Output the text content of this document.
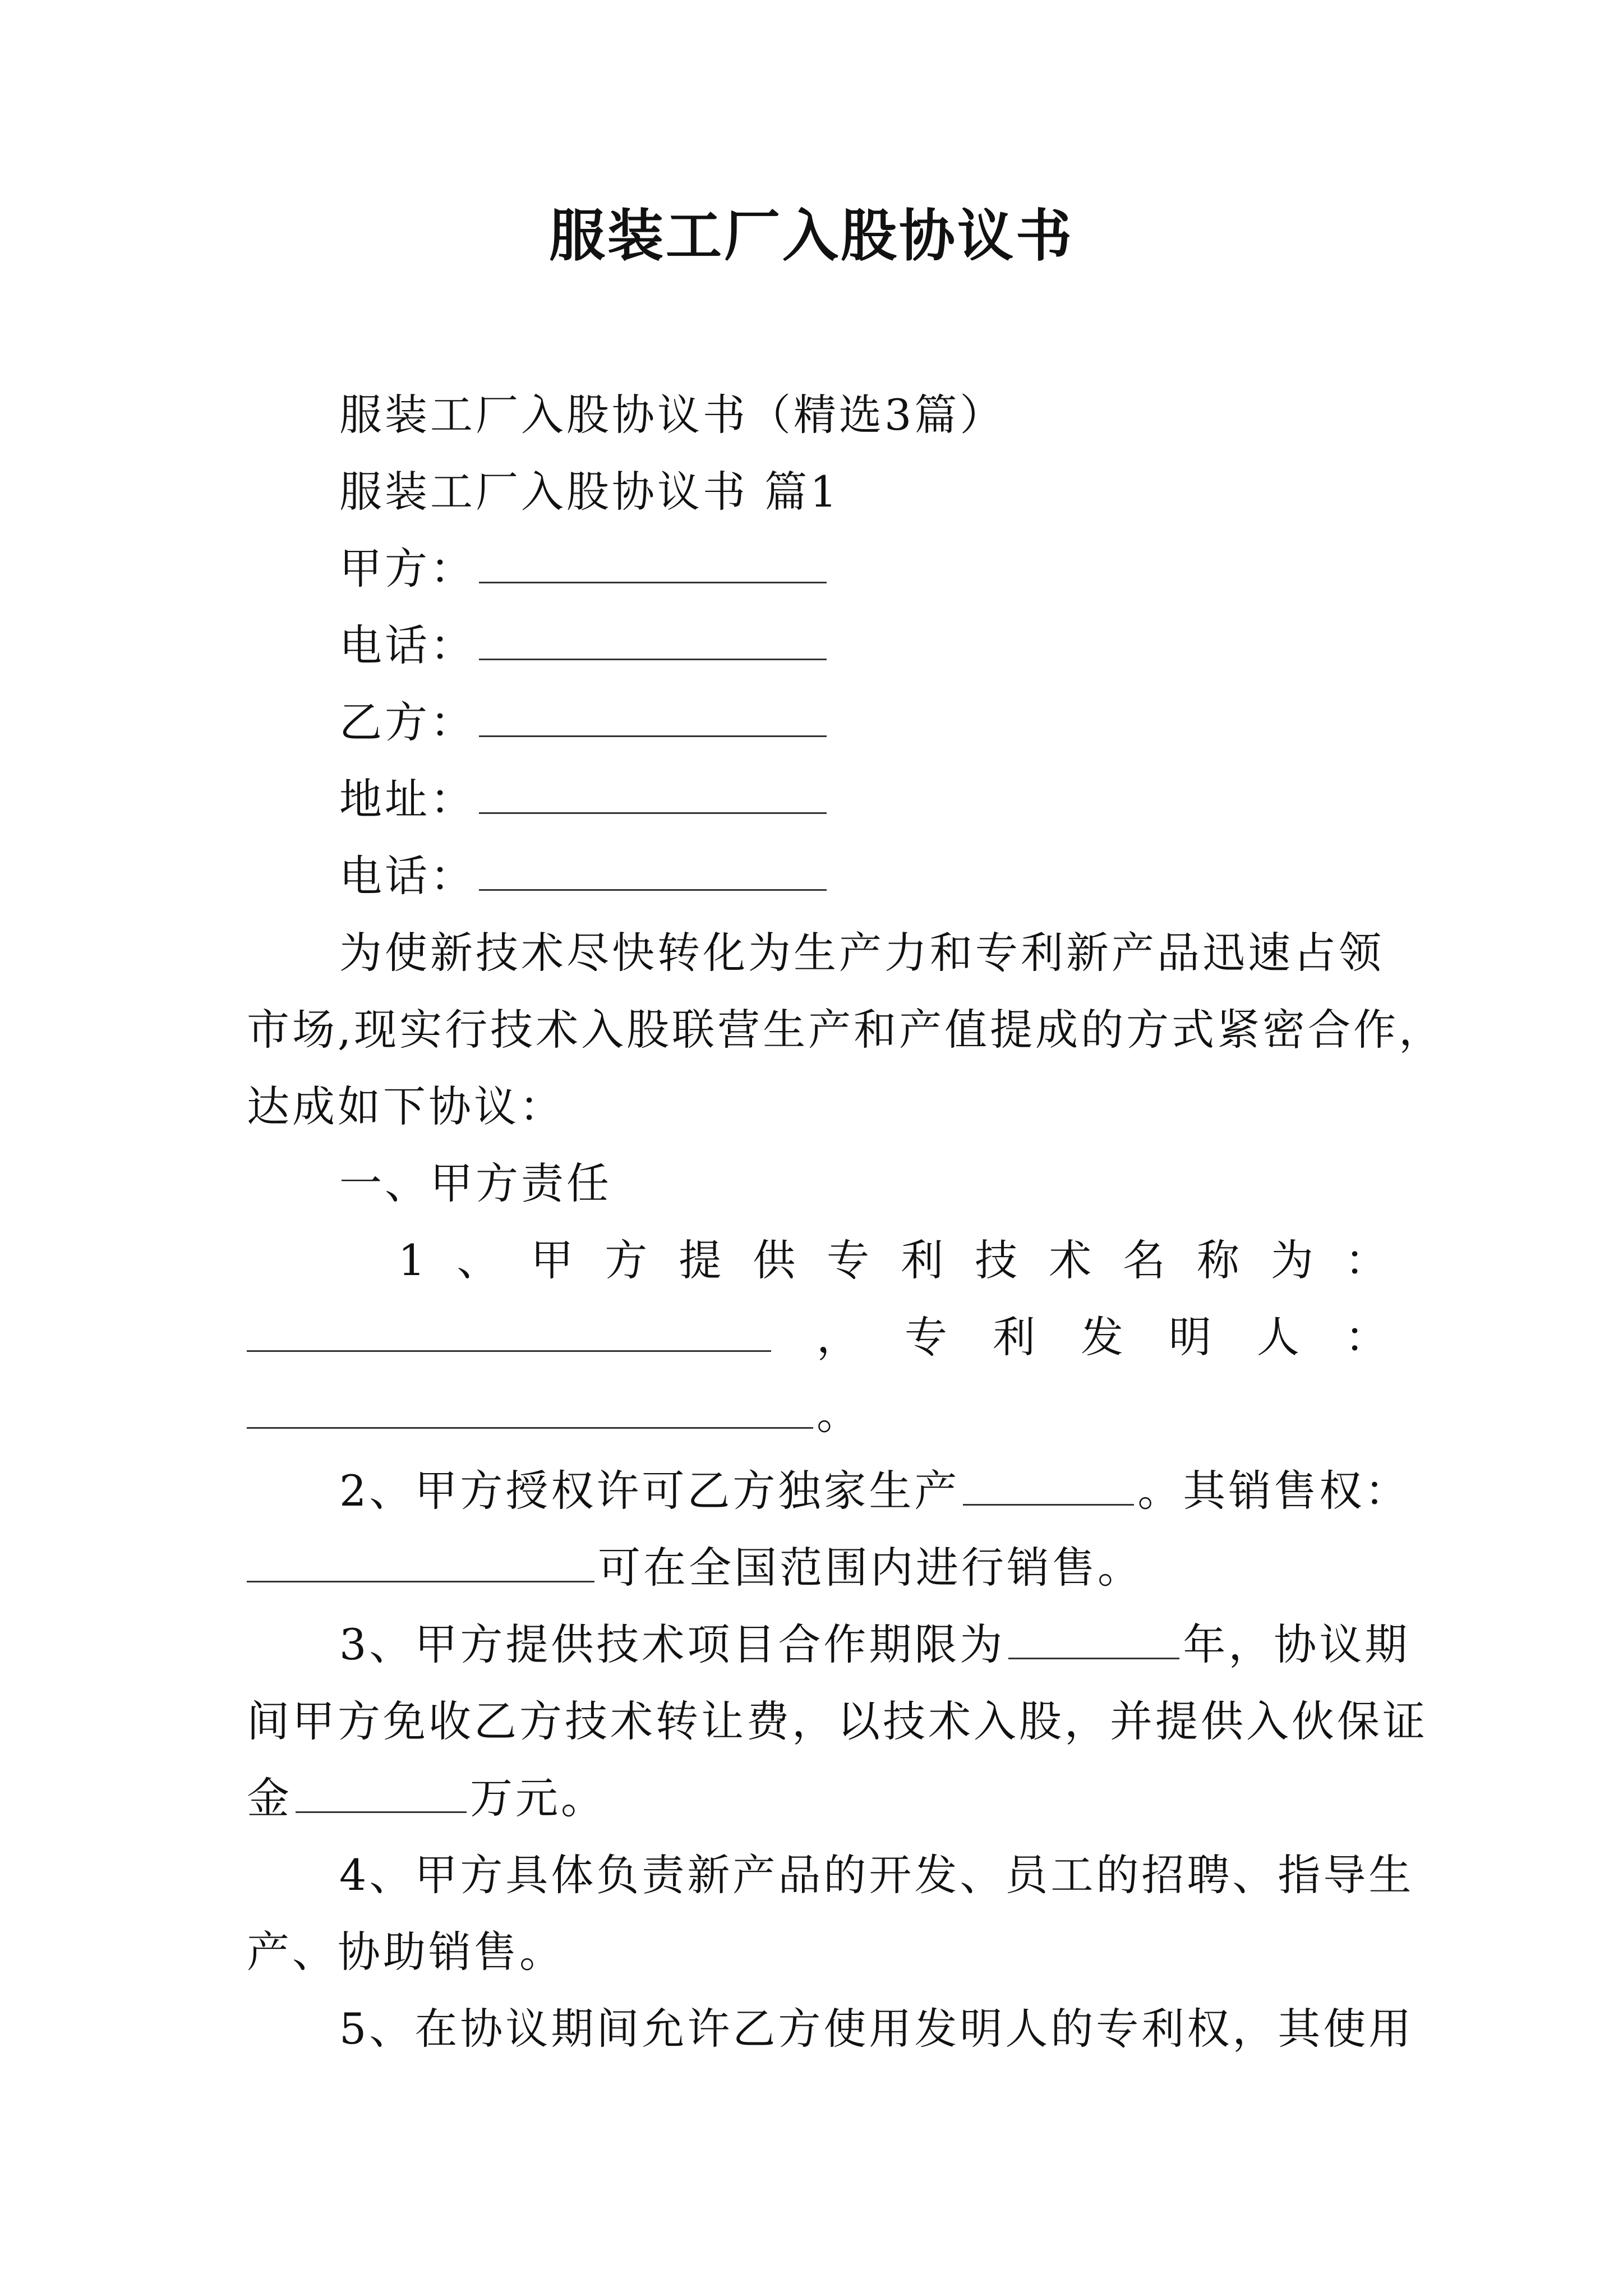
服装工厂入股协议书
服装工厂入股协议书（精选3篇）
服装工厂入股协议书 篇1
甲方：
电话：
乙方：
地址：
电话：
为使新技术尽快转化为生产力和专利新产品迅速占领
市场,现实行技术入股联营生产和产值提成的方式紧密合作，
达成如下协议：
一、甲方责任
1 、 甲 方 提 供 专 利 技 术 名 称 为 ：
， 专 利 发 明 人 ：
。
2、甲方授权许可乙方独家生产	。其销售权：
可在全国范围内进行销售。
3、甲方提供技术项目合作期限为	年，协议期
间甲方免收乙方技术转让费，以技术入股，并提供入伙保证
金	万元。
4、甲方具体负责新产品的开发、员工的招聘、指导生
产、协助销售。
5、在协议期间允许乙方使用发明人的专利权，其使用
